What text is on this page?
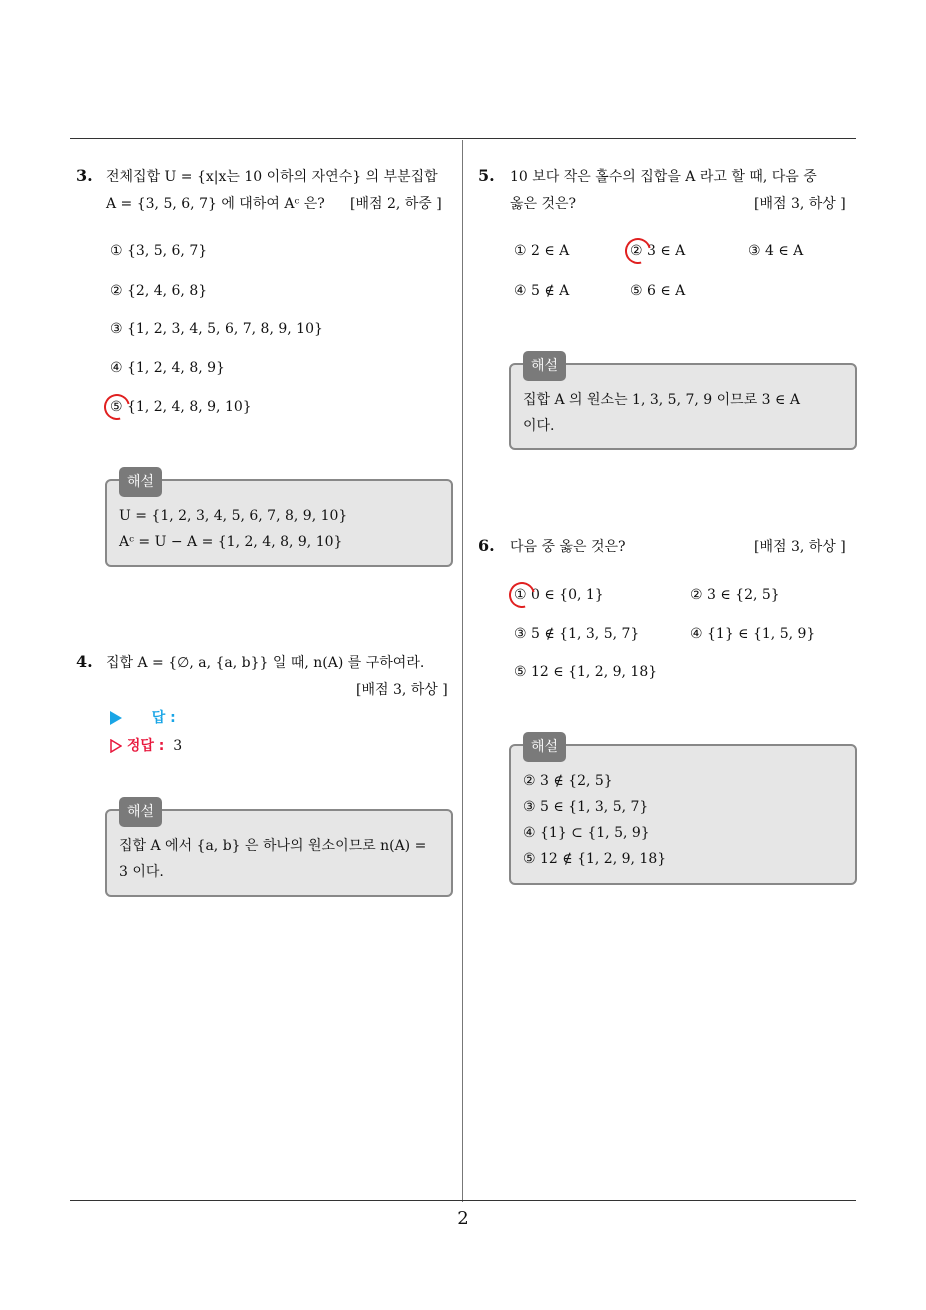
2
3. 전체집합 U = {x|x는 10 이하의 자연수} 의 부분집합
A = {3, 5, 6, 7} 에 대하여 Aᶜ 은? [배점 2, 하중 ]
① {3, 5, 6, 7}
② {2, 4, 6, 8}
③ {1, 2, 3, 4, 5, 6, 7, 8, 9, 10}
④ {1, 2, 4, 8, 9}
⑤ {1, 2, 4, 8, 9, 10}
해설
U = {1, 2, 3, 4, 5, 6, 7, 8, 9, 10}
Aᶜ = U − A = {1, 2, 4, 8, 9, 10}
4. 집합 A = {∅, a, {a, b}} 일 때, n(A) 를 구하여라.
[배점 3, 하상 ]
답 :
정답 : 3
해설
집합 A 에서 {a, b} 은 하나의 원소이므로 n(A) =
3 이다.
5. 10 보다 작은 홀수의 집합을 A 라고 할 때, 다음 중
옳은 것은?	[배점 3, 하상 ]
① 2 ∈ A	② 3 ∈ A	③ 4 ∈ A
④ 5 ∉ A	⑤ 6 ∈ A
해설
집합 A 의 원소는 1, 3, 5, 7, 9 이므로 3 ∈ A
이다.
6. 다음 중 옳은 것은?	[배점 3, 하상 ]
① 0 ∈ {0, 1}	② 3 ∈ {2, 5}
③ 5 ∉ {1, 3, 5, 7}	④ {1} ∈ {1, 5, 9}
⑤ 12 ∈ {1, 2, 9, 18}
해설
② 3 ∉ {2, 5}
③ 5 ∈ {1, 3, 5, 7}
④ {1} ⊂ {1, 5, 9}
⑤ 12 ∉ {1, 2, 9, 18}
